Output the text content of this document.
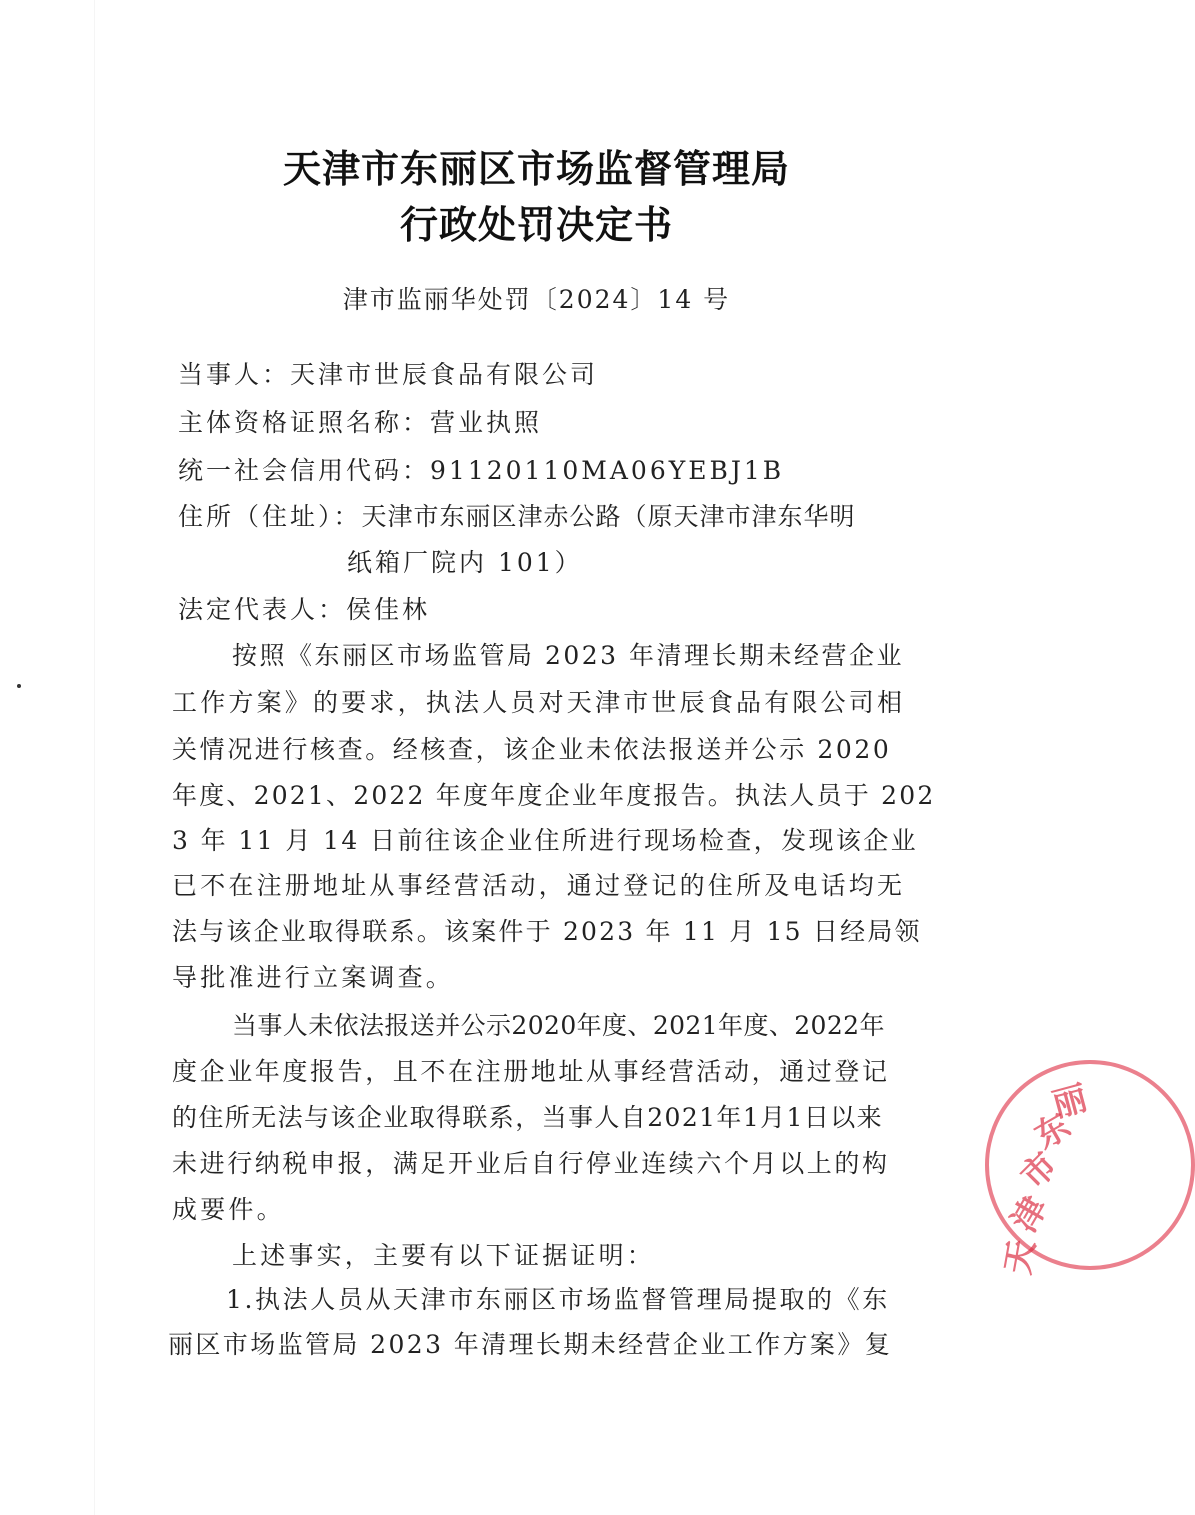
天津市东丽区市场监督管理局
行政处罚决定书
津市监丽华处罚〔2024〕14 号
当事人：天津市世辰食品有限公司
主体资格证照名称：营业执照
统一社会信用代码：91120110MA06YEBJ1B
住所（住址）：天津市东丽区津赤公路（原天津市津东华明
纸箱厂院内 101）
法定代表人：侯佳林
按照《东丽区市场监管局 2023 年清理长期未经营企业
工作方案》的要求，执法人员对天津市世辰食品有限公司相
关情况进行核查。经核查，该企业未依法报送并公示 2020
年度、2021、2022 年度年度企业年度报告。执法人员于 202
3 年 11 月 14 日前往该企业住所进行现场检查，发现该企业
已不在注册地址从事经营活动，通过登记的住所及电话均无
法与该企业取得联系。该案件于 2023 年 11 月 15 日经局领
导批准进行立案调查。
当事人未依法报送并公示2020年度、2021年度、2022年
度企业年度报告，且不在注册地址从事经营活动，通过登记
的住所无法与该企业取得联系，当事人自2021年1月1日以来
未进行纳税申报，满足开业后自行停业连续六个月以上的构
成要件。
上述事实，主要有以下证据证明：
1.执法人员从天津市东丽区市场监督管理局提取的《东
丽区市场监管局 2023 年清理长期未经营企业工作方案》复
天
津
市
东
丽
